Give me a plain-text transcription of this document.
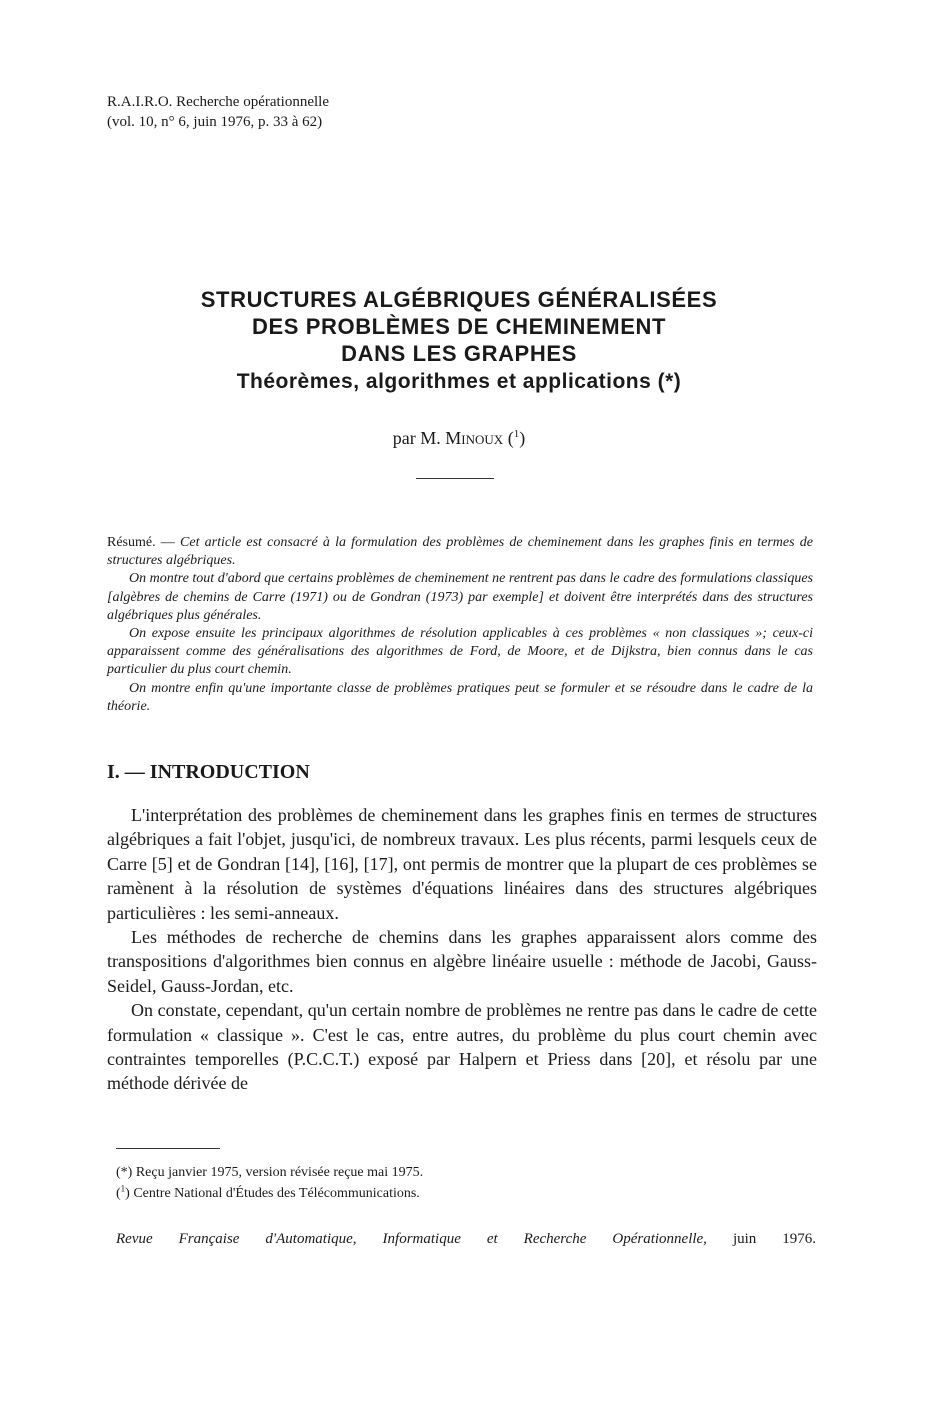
R.A.I.R.O. Recherche opérationnelle
(vol. 10, n° 6, juin 1976, p. 33 à 62)
STRUCTURES ALGÉBRIQUES GÉNÉRALISÉES
DES PROBLÈMES DE CHEMINEMENT
DANS LES GRAPHES
Théorèmes, algorithmes et applications (*)
par M. Minoux ($^1$)

Résumé. — Cet article est consacré à la formulation des problèmes de cheminement dans les graphes finis en termes de structures algébriques.

On montre tout d'abord que certains problèmes de cheminement ne rentrent pas dans le cadre des formulations classiques [algèbres de chemins de Carre (1971) ou de Gondran (1973) par exemple] et doivent être interprétés dans des structures algébriques plus générales.

On expose ensuite les principaux algorithmes de résolution applicables à ces problèmes « non classiques »; ceux-ci apparaissent comme des généralisations des algorithmes de Ford, de Moore, et de Dijkstra, bien connus dans le cas particulier du plus court chemin.

On montre enfin qu'une importante classe de problèmes pratiques peut se formuler et se résoudre dans le cadre de la théorie.

I. — INTRODUCTION

L'interprétation des problèmes de cheminement dans les graphes finis en termes de structures algébriques a fait l'objet, jusqu'ici, de nombreux travaux. Les plus récents, parmi lesquels ceux de Carre [5] et de Gondran [14], [16], [17], ont permis de montrer que la plupart de ces problèmes se ramènent à la résolution de systèmes d'équations linéaires dans des structures algébriques particulières : les semi-anneaux.

Les méthodes de recherche de chemins dans les graphes apparaissent alors comme des transpositions d'algorithmes bien connus en algèbre linéaire usuelle : méthode de Jacobi, Gauss-Seidel, Gauss-Jordan, etc.

On constate, cependant, qu'un certain nombre de problèmes ne rentre pas dans le cadre de cette formulation « classique ». C'est le cas, entre autres, du problème du plus court chemin avec contraintes temporelles (P.C.C.T.) exposé par Halpern et Priess dans [20], et résolu par une méthode dérivée de

(*) Reçu janvier 1975, version révisée reçue mai 1975.
($^1$) Centre National d'Études des Télécommunications.
Revue Française d'Automatique, Informatique et Recherche Opérationnelle, juin 1976.
